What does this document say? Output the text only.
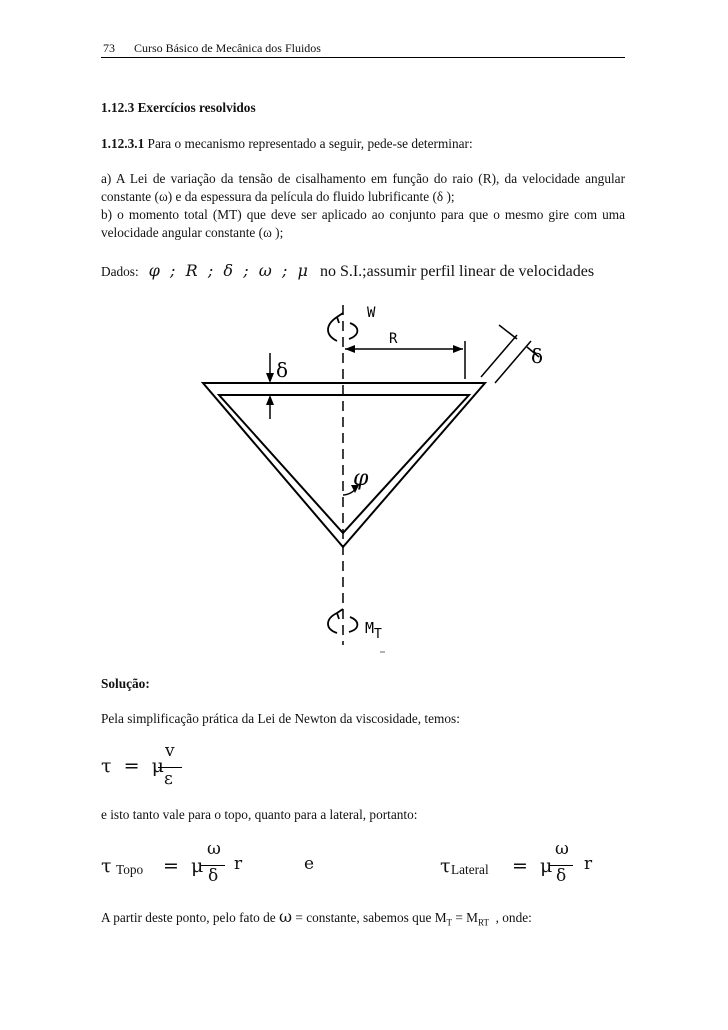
73 Curso Básico de Mecânica dos Fluidos
1.12.3 Exercícios resolvidos
1.12.3.1 Para o mecanismo representado a seguir, pede-se determinar:
a) A Lei de variação da tensão de cisalhamento em função do raio (R), da velocidade angular constante (ω) e da espessura da película do fluido lubrificante (δ );
b) o momento total (MT) que deve ser aplicado ao conjunto para que o mesmo gire com uma velocidade angular constante (ω );
Dados: φ  ;  R  ;  δ  ;  ω  ;  μ no S.I.;assumir perfil linear de velocidades
W
R
δ
δ
φ
MT
Solução:
Pela simplificação prática da Lei de Newton da viscosidade, temos:
τ  =  μ
v
ε
e isto tanto vale para o topo, quanto para a lateral, portanto:
τ Topo =  μ
ω
δ
r	e	τ Lateral =  μ
ω
δ
r
A partir deste ponto, pelo fato de ω = constante, sabemos que $M_T = M_{RT}$  , onde:
